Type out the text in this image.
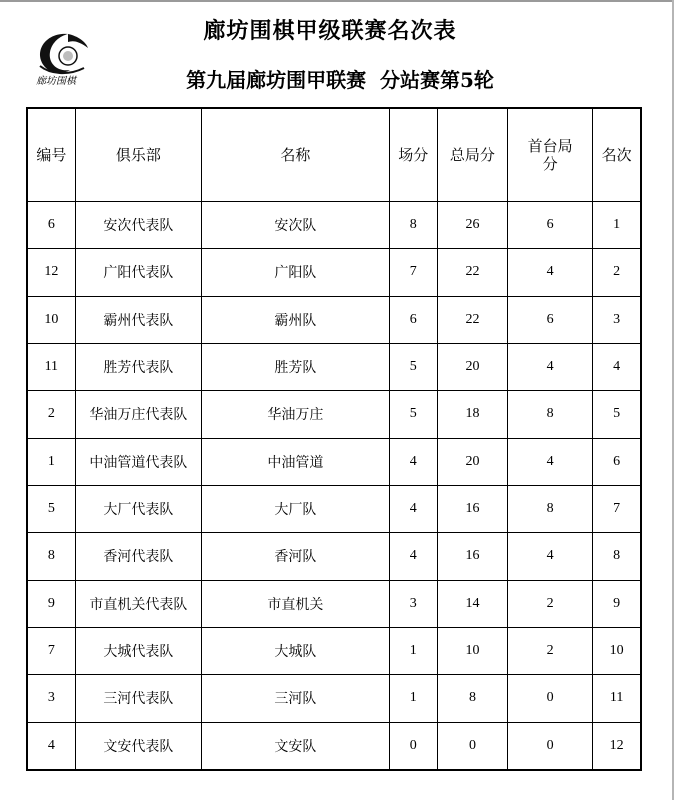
廊坊围棋
廊坊围棋甲级联赛名次表
第九届廊坊围甲联赛  分站赛第5轮
编号	俱乐部	名称	场分	总局分	首台局分	名次
6	安次代表队	安次队	8	26	6	1
12	广阳代表队	广阳队	7	22	4	2
10	霸州代表队	霸州队	6	22	6	3
11	胜芳代表队	胜芳队	5	20	4	4
2	华油万庄代表队	华油万庄	5	18	8	5
1	中油管道代表队	中油管道	4	20	4	6
5	大厂代表队	大厂队	4	16	8	7
8	香河代表队	香河队	4	16	4	8
9	市直机关代表队	市直机关	3	14	2	9
7	大城代表队	大城队	1	10	2	10
3	三河代表队	三河队	1	8	0	11
4	文安代表队	文安队	0	0	0	12
